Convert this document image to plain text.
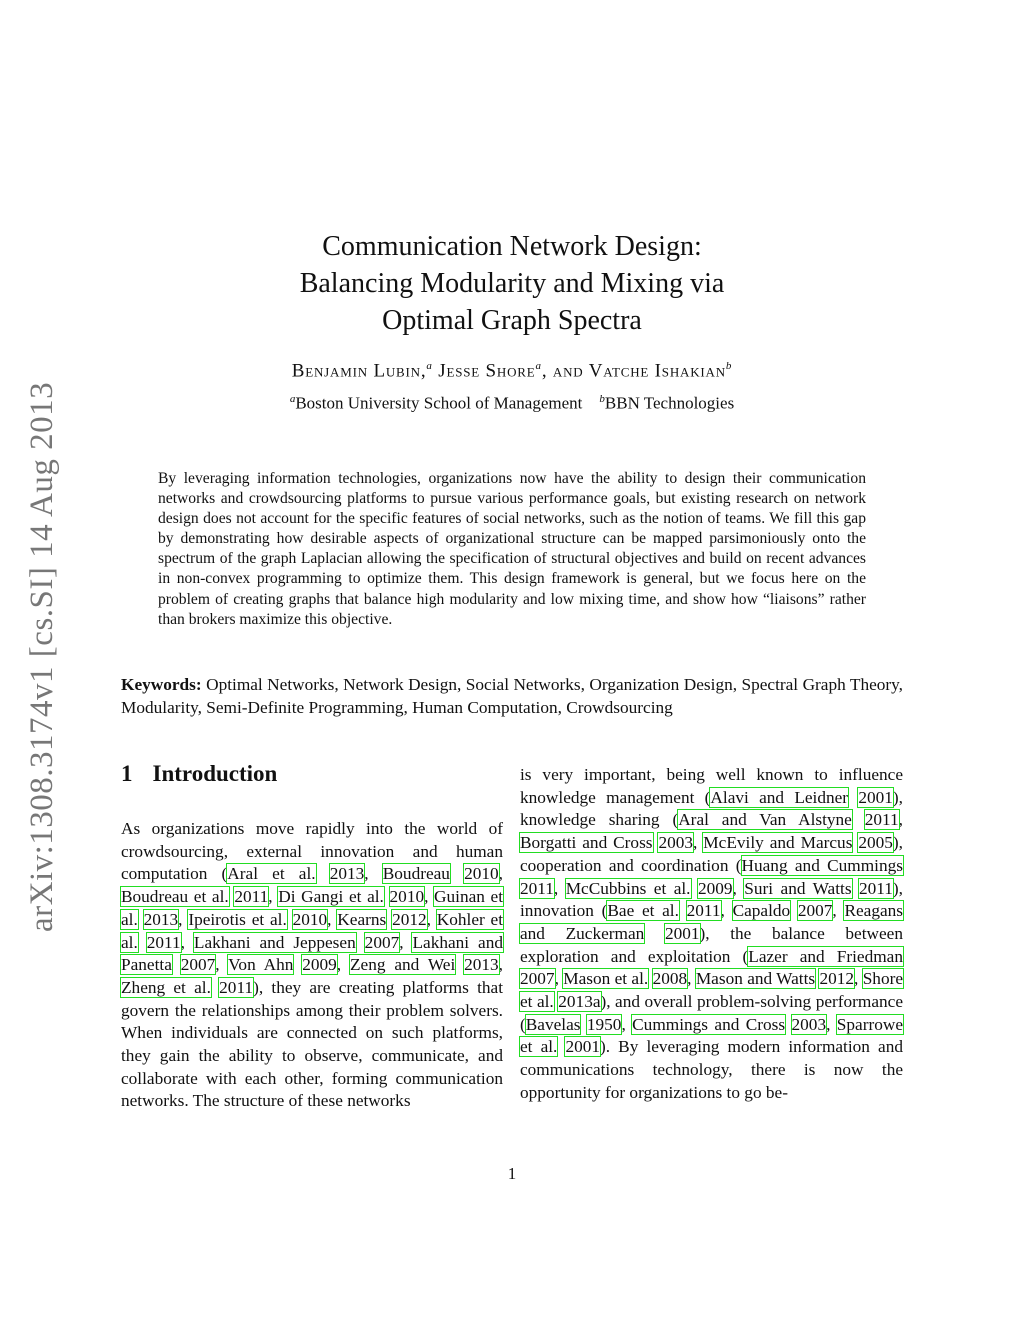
arXiv:1308.3174v1 [cs.SI] 14 Aug 2013
Communication Network Design:
Balancing Modularity and Mixing via
Optimal Graph Spectra
Benjamin Lubin,$^a$ Jesse Shore$^a$, and Vatche Ishakian$^b$
$^a$Boston University School of Management $^b$BBN Technologies
By leveraging information technologies, organizations now have the ability to design their communication networks and crowdsourcing platforms to pursue various performance goals, but existing research on network design does not account for the specific features of social networks, such as the notion of teams. We fill this gap by demonstrating how desirable aspects of organizational structure can be mapped parsimoniously onto the spectrum of the graph Laplacian allowing the specification of structural objectives and build on recent advances in non-convex programming to optimize them. This design framework is general, but we focus here on the problem of creating graphs that balance high modularity and low mixing time, and show how “liaisons” rather than brokers maximize this objective.
Keywords: Optimal Networks, Network Design, Social Networks, Organization Design, Spectral Graph Theory, Modularity, Semi-Definite Programming, Human Computation, Crowdsourcing
1 Introduction
As organizations move rapidly into the world of crowdsourcing, external innovation and human computation (Aral et al. 2013, Boudreau 2010, Boudreau et al. 2011, Di Gangi et al. 2010, Guinan et al. 2013, Ipeirotis et al. 2010, Kearns 2012, Kohler et al. 2011, Lakhani and Jeppesen 2007, Lakhani and Panetta 2007, Von Ahn 2009, Zeng and Wei 2013, Zheng et al. 2011), they are creating platforms that govern the relationships among their problem solvers. When individuals are connected on such platforms, they gain the ability to observe, communicate, and collaborate with each other, forming communication networks. The structure of these networks
is very important, being well known to influence knowledge management (Alavi and Leidner 2001), knowledge sharing (Aral and Van Alstyne 2011, Borgatti and Cross 2003, McEvily and Marcus 2005), cooperation and coordination (Huang and Cummings 2011, McCubbins et al. 2009, Suri and Watts 2011), innovation (Bae et al. 2011, Capaldo 2007, Reagans and Zuckerman 2001), the balance between exploration and exploitation (Lazer and Friedman 2007, Mason et al. 2008, Mason and Watts 2012, Shore et al. 2013a), and overall problem-solving performance (Bavelas 1950, Cummings and Cross 2003, Sparrowe et al. 2001). By leveraging modern information and communications technology, there is now the opportunity for organizations to go be-
1
